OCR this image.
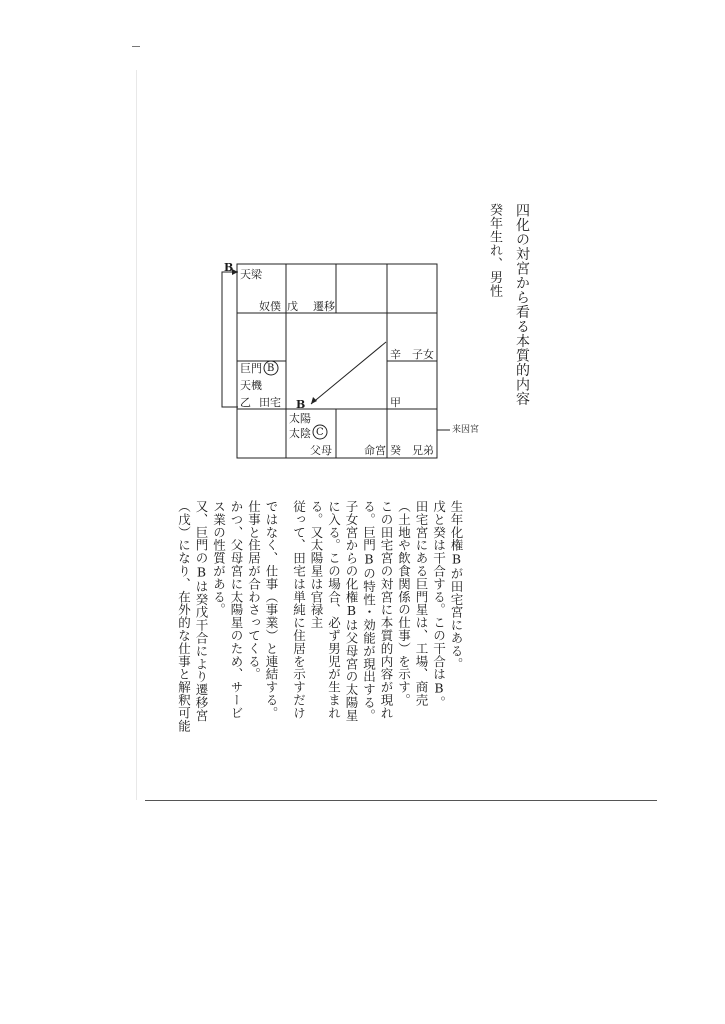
四化の対宮から看る本質的内容
癸年生れ、男性
B
天梁
奴僕 戊 遷移
巨門 B
天機
乙 田宅
辛 子女
甲
B
太陽
太陰 C
父母	命宮 癸 兄弟
来因宮

生年化権Bが田宅宮にある。

戊と癸は干合する。この干合はB。

田宅宮にある巨門星は、工場、商売

（土地や飲食関係の仕事）を示す。

この田宅宮の対宮に本質的内容が現れ

る。巨門Bの特性・効能が現出する。

子女宮からの化権Bは父母宮の太陽星

に入る。この場合、必ず男児が生まれ

る。又太陽星は官禄主

従って、田宅は単純に住居を示すだけ

ではなく、仕事（事業）と連結する。

仕事と住居が合わさってくる。

かつ、父母宮に太陽星のため、サービ

ス業の性質がある。

又、巨門のBは癸戊干合により遷移宮

（戊）になり、在外的な仕事と解釈可能
